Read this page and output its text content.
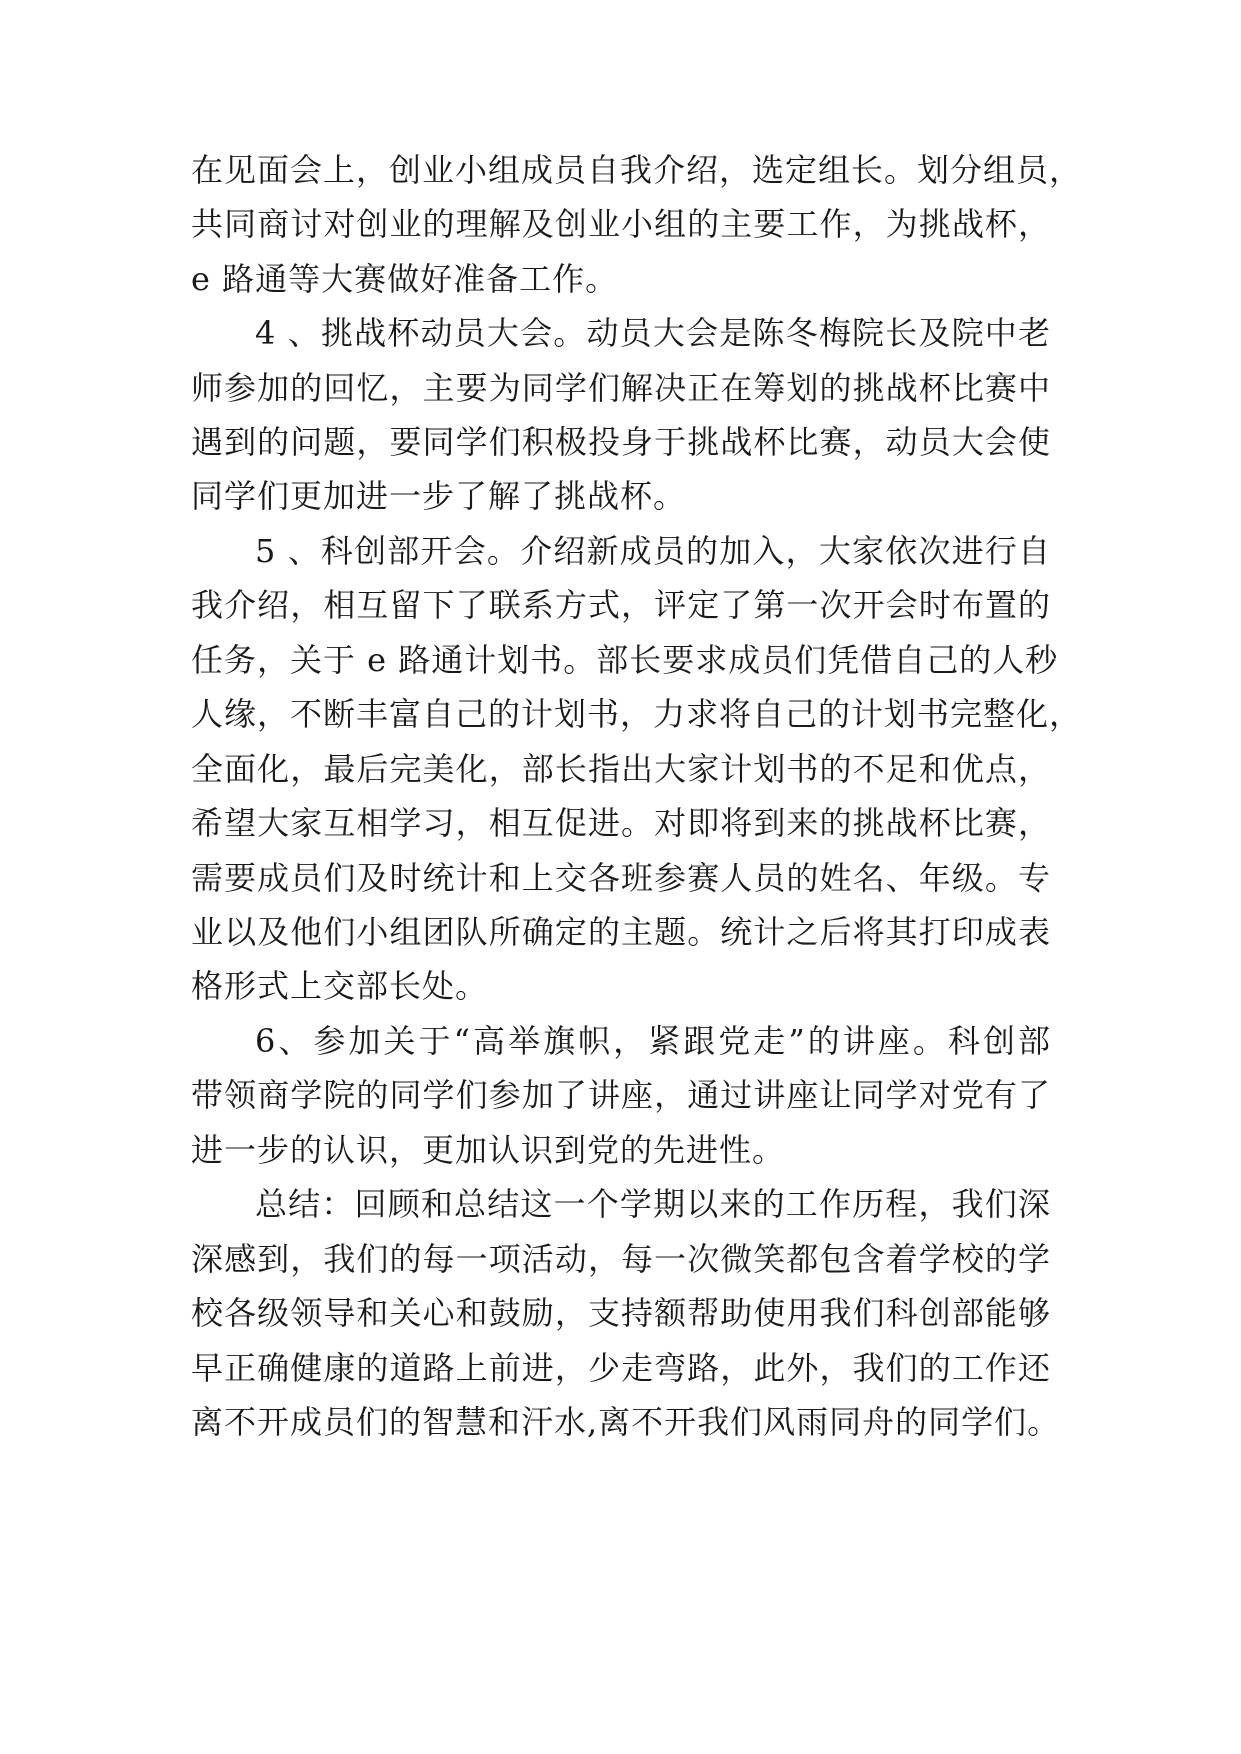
在见面会上，创业小组成员自我介绍，选定组长。划分组员，
共同商讨对创业的理解及创业小组的主要工作，为挑战杯，
e 路通等大赛做好准备工作。
4 、挑战杯动员大会。动员大会是陈冬梅院长及院中老
师参加的回忆，主要为同学们解决正在筹划的挑战杯比赛中
遇到的问题，要同学们积极投身于挑战杯比赛，动员大会使
同学们更加进一步了解了挑战杯。
5 、科创部开会。介绍新成员的加入，大家依次进行自
我介绍，相互留下了联系方式，评定了第一次开会时布置的
任务，关于 e 路通计划书。部长要求成员们凭借自己的人秒
人缘，不断丰富自己的计划书，力求将自己的计划书完整化，
全面化，最后完美化，部长指出大家计划书的不足和优点，
希望大家互相学习，相互促进。对即将到来的挑战杯比赛，
需要成员们及时统计和上交各班参赛人员的姓名、年级。专
业以及他们小组团队所确定的主题。统计之后将其打印成表
格形式上交部长处。
6、参加关于“高举旗帜，紧跟党走”的讲座。科创部
带领商学院的同学们参加了讲座，通过讲座让同学对党有了
进一步的认识，更加认识到党的先进性。
总结：回顾和总结这一个学期以来的工作历程，我们深
深感到，我们的每一项活动，每一次微笑都包含着学校的学
校各级领导和关心和鼓励，支持额帮助使用我们科创部能够
早正确健康的道路上前进，少走弯路，此外，我们的工作还
离不开成员们的智慧和汗水,离不开我们风雨同舟的同学们。
